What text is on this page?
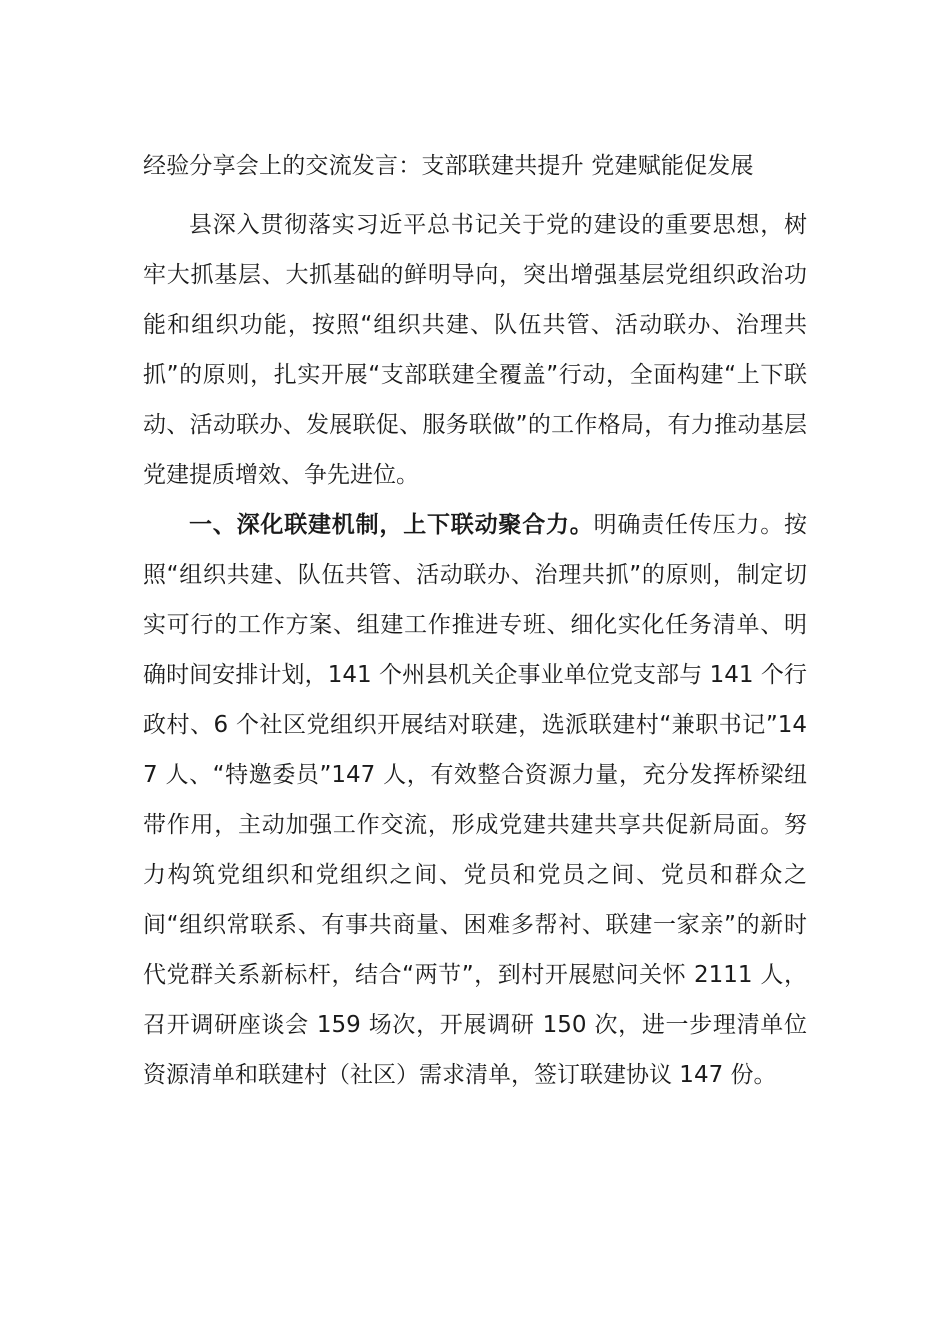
经验分享会上的交流发言：支部联建共提升 党建赋能促发展

县深入贯彻落实习近平总书记关于党的建设的重要思想，树牢大抓基层、大抓基础的鲜明导向，突出增强基层党组织政治功能和组织功能，按照“组织共建、队伍共管、活动联办、治理共抓”的原则，扎实开展“支部联建全覆盖”行动，全面构建“上下联动、活动联办、发展联促、服务联做”的工作格局，有力推动基层党建提质增效、争先进位。

一、深化联建机制，上下联动聚合力。明确责任传压力。按照“组织共建、队伍共管、活动联办、治理共抓”的原则，制定切实可行的工作方案、组建工作推进专班、细化实化任务清单、明确时间安排计划，141 个州县机关企事业单位党支部与 141 个行政村、6 个社区党组织开展结对联建，选派联建村“兼职书记”147 人、“特邀委员”147 人，有效整合资源力量，充分发挥桥梁纽带作用，主动加强工作交流，形成党建共建共享共促新局面。努力构筑党组织和党组织之间、党员和党员之间、党员和群众之间“组织常联系、有事共商量、困难多帮衬、联建一家亲”的新时代党群关系新标杆，结合“两节”，到村开展慰问关怀 2111 人，召开调研座谈会 159 场次，开展调研 150 次，进一步理清单位资源清单和联建村（社区）需求清单，签订联建协议 147 份。
